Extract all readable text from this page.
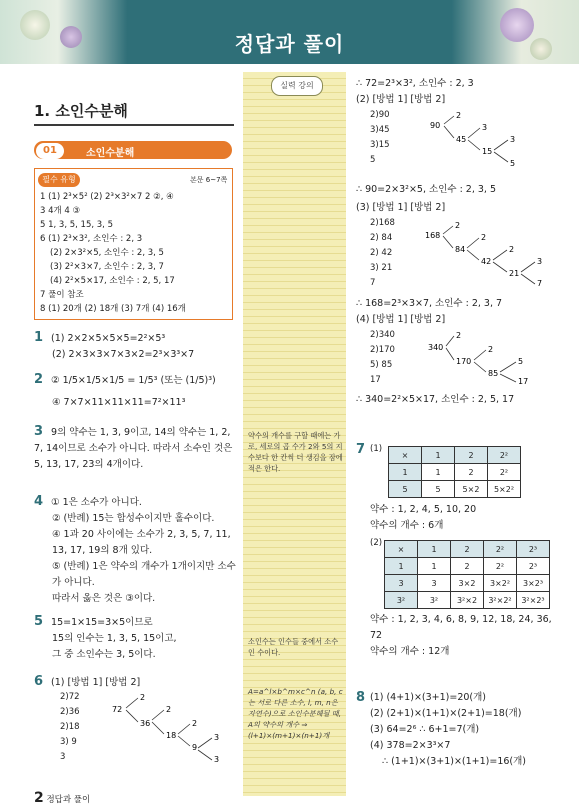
정답과 풀이
1. 소인수분해
01	소인수분해
필수 유형	본문 6~7쪽
1 (1) 2³×5² (2) 2³×3²×7 2 ②, ④
3 4개 4 ③
5 1, 3, 5, 15, 3, 5
6 (1) 2³×3², 소인수 : 2, 3
(2) 2×3²×5, 소인수 : 2, 3, 5
(3) 2²×3×7, 소인수 : 2, 3, 7
(4) 2²×5×17, 소인수 : 2, 5, 17
7 풀이 참조
8 (1) 20개 (2) 18개 (3) 7개 (4) 16개
1 (1) 2×2×5×5×5=2²×5³
(2) 2×3×3×7×3×2=2³×3³×7
2 ② 1/5×1/5×1/5 = 1/5³ (또는 (1/5)³)
④ 7×7×11×11×11=7²×11³
3 9의 약수는 1, 3, 9이고, 14의 약수는 1, 2, 7, 14이므로 소수가 아니다. 따라서 소수인 것은 5, 13, 17, 23의 4개이다.
4 ① 1은 소수가 아니다.
② (반례) 15는 합성수이지만 홀수이다.
④ 1과 20 사이에는 소수가 2, 3, 5, 7, 11, 13, 17, 19의 8개 있다.
⑤ (반례) 1은 약수의 개수가 1개이지만 소수가 아니다.
따라서 옳은 것은 ③이다.
5 15=1×15=3×5이므로
15의 인수는 1, 3, 5, 15이고,
그 중 소인수는 3, 5이다.
6 (1) [방법 1] [방법 2]
2)72
2)36
2)18
3) 9
3
72
2
36
2
18
2
9
3
3
실력 강의
약수의 개수를 구할 때에는 가로, 세로의 곱 수가 2와 5의 지수보다 한 칸씩 더 생김을 잠에 적은 한다.
소인수는 인수들 중에서 소수인 수이다.
A=a^l×b^m×c^n (a, b, c는 서로 다른 소수, l, m, n은 자연수)으로 소인수분해될 때, A의 약수의 개수 ⇒ (l+1)×(m+1)×(n+1)개
∴ 72=2³×3², 소인수 : 2, 3
(2) [방법 1] [방법 2]
2)90
3)45
3)15
5
90
2
45
3
15
3
5
∴ 90=2×3²×5, 소인수 : 2, 3, 5
(3) [방법 1] [방법 2]
2)168
2) 84
2) 42
3) 21
7
168
2
84
2
42
2
21
3
7
∴ 168=2³×3×7, 소인수 : 2, 3, 7
(4) [방법 1] [방법 2]
2)340
2)170
5) 85
17
340
2
170
2
85
5
17
∴ 340=2²×5×17, 소인수 : 2, 5, 17
7 (1)
×	1	2	2²
1	1	2	2²
5	5	5×2	5×2²
약수 : 1, 2, 4, 5, 10, 20
약수의 개수 : 6개
(2)
×	1	2	2²	2³
1	1	2	2²	2³
3	3	3×2	3×2²	3×2³
3²	3²	3²×2	3²×2²	3²×2³
약수 : 1, 2, 3, 4, 6, 8, 9, 12, 18, 24, 36, 72
약수의 개수 : 12개
8 (1) (4+1)×(3+1)=20(개)
(2) (2+1)×(1+1)×(2+1)=18(개)
(3) 64=2⁶ ∴ 6+1=7(개)
(4) 378=2×3³×7
∴ (1+1)×(3+1)×(1+1)=16(개)
2 정답과 풀이
